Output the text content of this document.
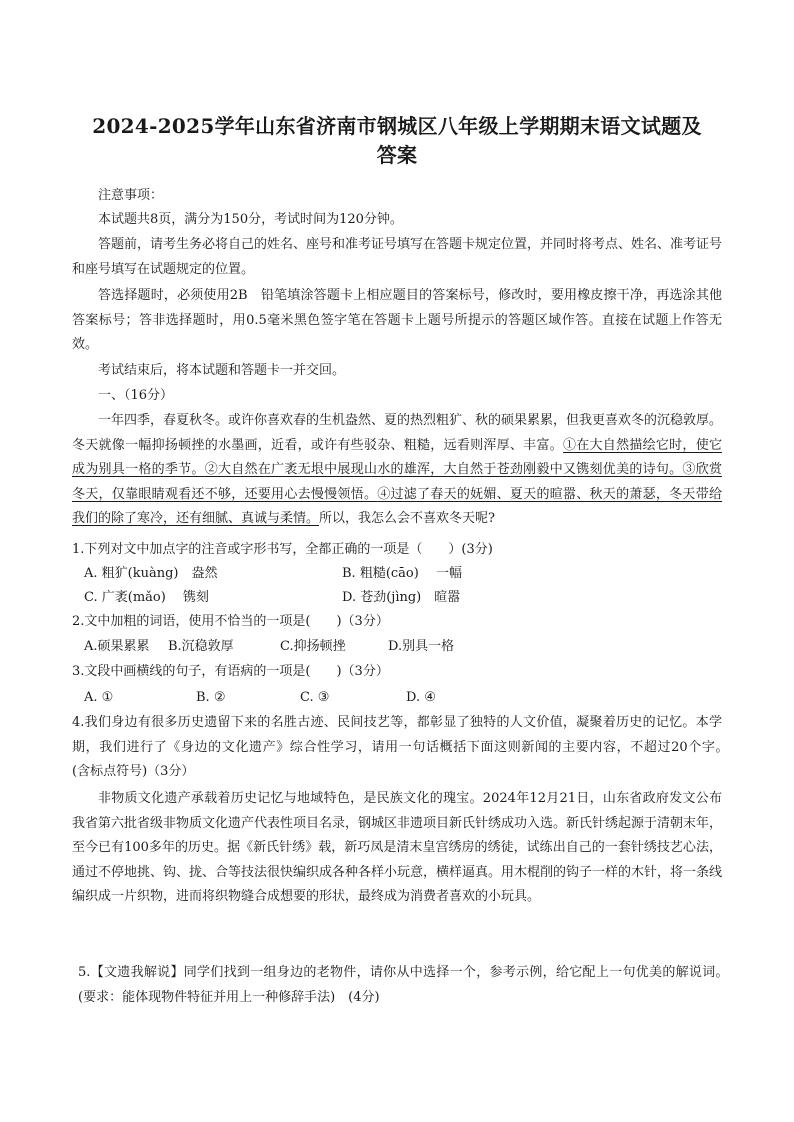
2024-2025学年山东省济南市钢城区八年级上学期期末语文试题及
答案

注意事项：

本试题共8页，满分为150分，考试时间为120分钟。

答题前，请考生务必将自己的姓名、座号和准考证号填写在答题卡规定位置，并同时将考点、姓名、准考证号和座号填写在试题规定的位置。

答选择题时，必须使用2B　铅笔填涂答题卡上相应题目的答案标号，修改时，要用橡皮擦干净，再选涂其他答案标号；答非选择题时，用0.5毫米黑色签字笔在答题卡上题号所提示的答题区域作答。直接在试题上作答无效。

考试结束后，将本试题和答题卡一并交回。

一、（16分）

一年四季，春夏秋冬。或许你喜欢春的生机盎然、夏的热烈粗犷、秋的硕果累累，但我更喜欢冬的沉稳敦厚。冬天就像一幅抑扬顿挫的水墨画，近看，或许有些驳杂、粗糙，远看则浑厚、丰富。①在大自然描绘它时，使它成为别具一格的季节。②大自然在广袤无垠中展现山水的雄浑，大自然于苍劲刚毅中又镌刻优美的诗句。③欣赏冬天，仅靠眼睛观看还不够，还要用心去慢慢领悟。④过滤了春天的妩媚、夏天的暄嚣、秋天的萧瑟，冬天带给我们的除了寒冷，还有细腻、真诚与柔情。所以，我怎么会不喜欢冬天呢?

1.下列对文中加点字的注音或字形书写，全都正确的一项是（　　）(3分)

A. 粗犷(kuàng)　盎然	B. 粗糙(cāo)　 一幅
C. 广袤(mǎo)　 镌刻	D. 苍劲(jìng)　暄嚣

2.文中加粗的词语，使用不恰当的一项是(　　)（3分）

A.硕果累累 B.沉稳敦厚	C.抑扬顿挫	D.别具一格

3.文段中画横线的句子，有语病的一项是(　　)（3分）

A. ①	B. ②	C. ③	D. ④

4.我们身边有很多历史遗留下来的名胜古迹、民间技艺等，都彰显了独特的人文价值，凝聚着历史的记忆。本学期，我们进行了《身边的文化遗产》综合性学习，请用一句话概括下面这则新闻的主要内容，不超过20个字。　(含标点符号)（3分）

非物质文化遗产承载着历史记忆与地域特色，是民族文化的瑰宝。2024年12月21日，山东省政府发文公布我省第六批省级非物质文化遗产代表性项目名录，钢城区非遗项目新氏针绣成功入选。新氏针绣起源于清朝末年，至今已有100多年的历史。据《新氏针绣》载，新巧凤是清末皇宫绣房的绣徒，试练出自己的一套针绣技艺心法，通过不停地挑、钩、拢、合等技法很快编织成各种各样小玩意，横样逼真。用木棍削的钩子一样的木针，将一条线编织成一片织物，进而将织物缝合成想要的形状，最终成为消费者喜欢的小玩具。

5.【文遗我解说】同学们找到一组身边的老物件，请你从中选择一个，参考示例，给它配上一句优美的解说词。　(要求：能体现物件特征并用上一种修辞手法)　(4分)
